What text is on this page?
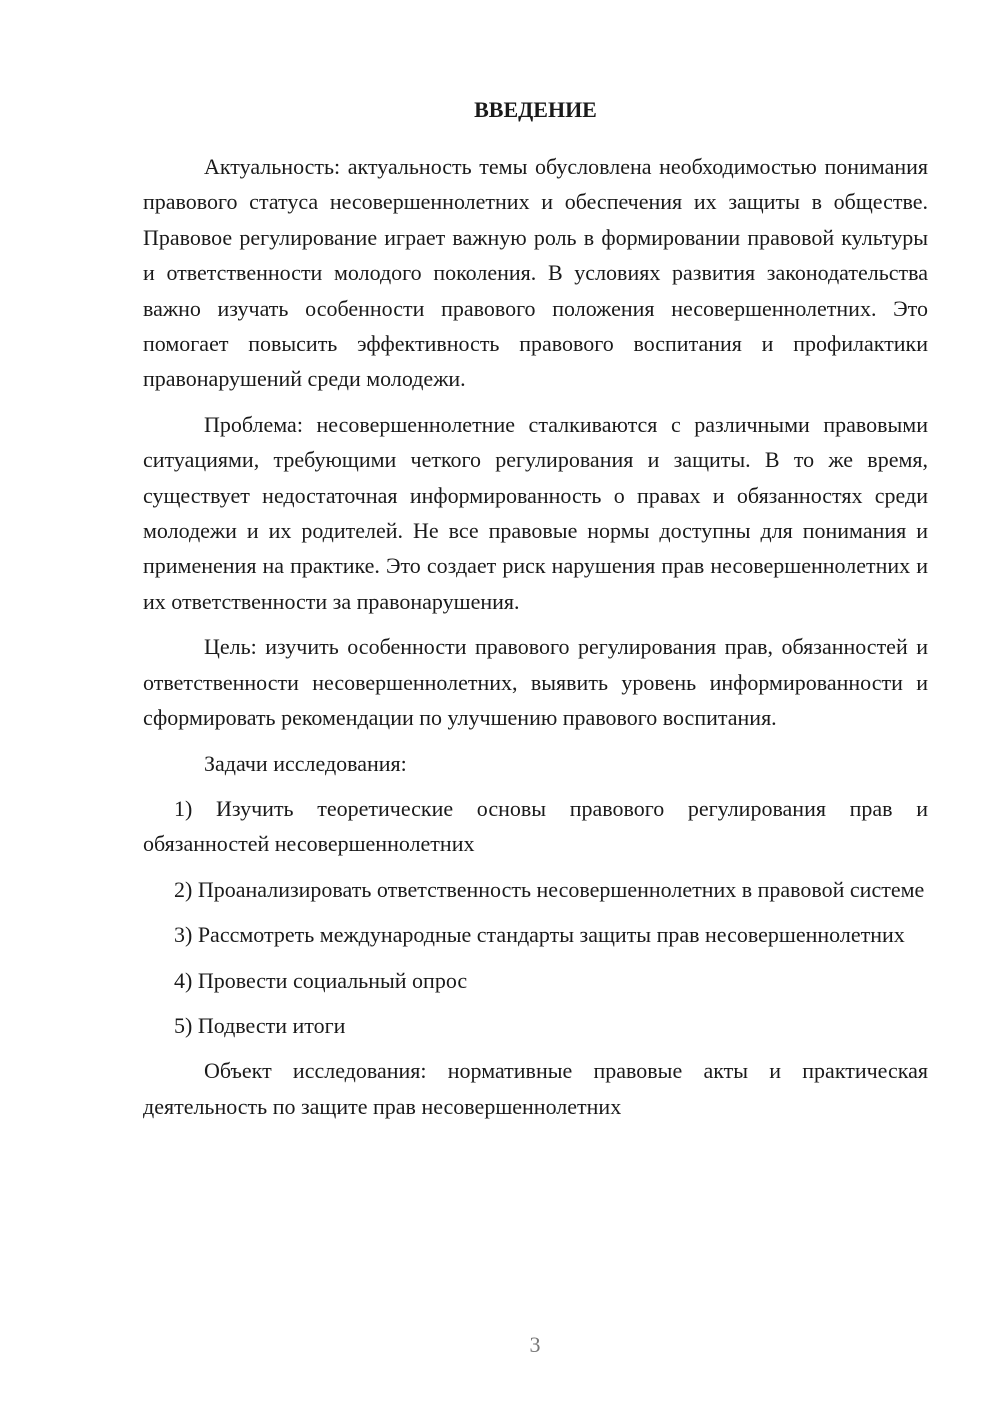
ВВЕДЕНИЕ

Актуальность: актуальность темы обусловлена необходимостью понимания правового статуса несовершеннолетних и обеспечения их защиты в обществе. Правовое регулирование играет важную роль в формировании правовой культуры и ответственности молодого поколения. В условиях развития законодательства важно изучать особенности правового положения несовершеннолетних. Это помогает повысить эффективность правового воспитания и профилактики правонарушений среди молодежи.

Проблема: несовершеннолетние сталкиваются с различными правовыми ситуациями, требующими четкого регулирования и защиты. В то же время, существует недостаточная информированность о правах и обязанностях среди молодежи и их родителей. Не все правовые нормы доступны для понимания и применения на практике. Это создает риск нарушения прав несовершеннолетних и их ответственности за правонарушения.

Цель: изучить особенности правового регулирования прав, обязанностей и ответственности несовершеннолетних, выявить уровень информированности и сформировать рекомендации по улучшению правового воспитания.

Задачи исследования:

1) Изучить теоретические основы правового регулирования прав и обязанностей несовершеннолетних

2) Проанализировать ответственность несовершеннолетних в правовой системе

3) Рассмотреть международные стандарты защиты прав несовершеннолетних

4) Провести социальный опрос

5) Подвести итоги

Объект исследования: нормативные правовые акты и практическая деятельность по защите прав несовершеннолетних

3
